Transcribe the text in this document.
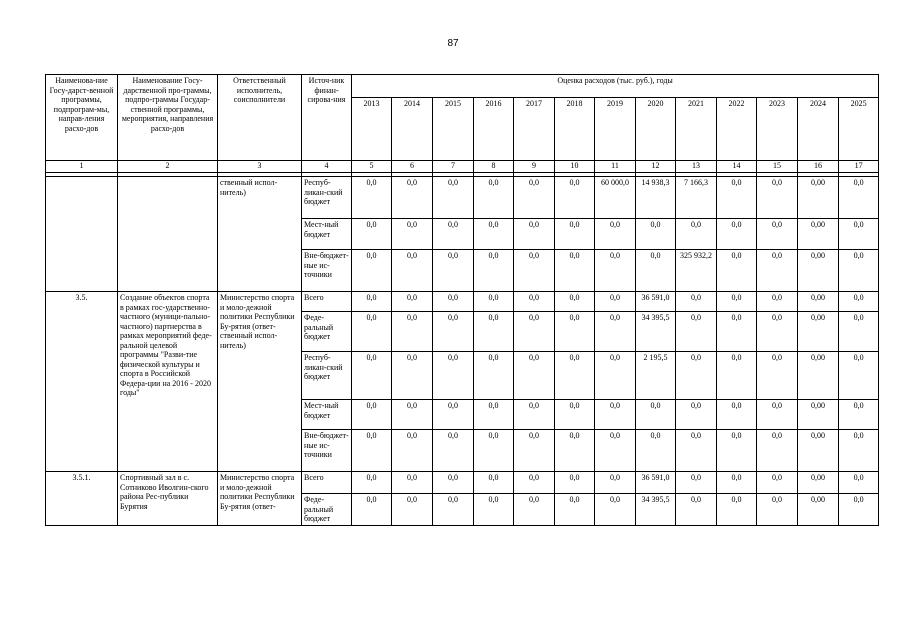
87
Наименова-ние Госу-дарст-венной программы, подпрограм-мы, направ-ления расхо-дов	Наименование Госу-дарственной про-граммы, подпро-граммы Государ-ственной программы, мероприятия, направления расхо-дов	Ответственный исполнитель, соисполнители	Источ-ник финан-сирова-ния	Оценка расходов (тыс. руб.), годы												
				2013	2014	2015	2016	2017	2018	2019	2020	2021	2022	2023	2024	2025
1	2	3	4	5	6	7	8	9	10	11	12	13	14	15	16	17

		ственный испол-нитель)	Респуб-ликан-ский бюджет	0,0	0,0	0,0	0,0	0,0	0,0	60 000,0	14 938,3	7 166,3	0,0	0,0	0,00	0,0
			Мест-ный бюджет	0,0	0,0	0,0	0,0	0,0	0,0	0,0	0,0	0,0	0,0	0,0	0,00	0,0
			Вне-бюджет-ные ис-точники	0,0	0,0	0,0	0,0	0,0	0,0	0,0	0,0	325 932,2	0,0	0,0	0,00	0,0
3.5.	Создание объектов спорта в рамках гос-ударственно-частного (муници-пально-частного) партнерства в рамках мероприятий феде-ральной целевой программы "Разви-тие физической культуры и спорта в Российской Федера-ции на 2016 - 2020 годы"	Министерство спорта и моло-дежной политики Республики Бу-рятия (ответ-ственный испол-нитель)	Всего	0,0	0,0	0,0	0,0	0,0	0,0	0,0	36 591,0	0,0	0,0	0,0	0,00	0,0
			Феде-ральный бюджет	0,0	0,0	0,0	0,0	0,0	0,0	0,0	34 395,5	0,0	0,0	0,0	0,00	0,0
			Респуб-ликан-ский бюджет	0,0	0,0	0,0	0,0	0,0	0,0	0,0	2 195,5	0,0	0,0	0,0	0,00	0,0
			Мест-ный бюджет	0,0	0,0	0,0	0,0	0,0	0,0	0,0	0,0	0,0	0,0	0,0	0,00	0,0
			Вне-бюджет-ные ис-точники	0,0	0,0	0,0	0,0	0,0	0,0	0,0	0,0	0,0	0,0	0,0	0,00	0,0
3.5.1.	Спортивный зал в с. Сотниково Иволгин-ского района Рес-публики Бурятия	Министерство спорта и моло-дежной политики Республики Бу-рятия (ответ-	Всего	0,0	0,0	0,0	0,0	0,0	0,0	0,0	36 591,0	0,0	0,0	0,0	0,00	0,0
			Феде-ральный бюджет	0,0	0,0	0,0	0,0	0,0	0,0	0,0	34 395,5	0,0	0,0	0,0	0,00	0,0
